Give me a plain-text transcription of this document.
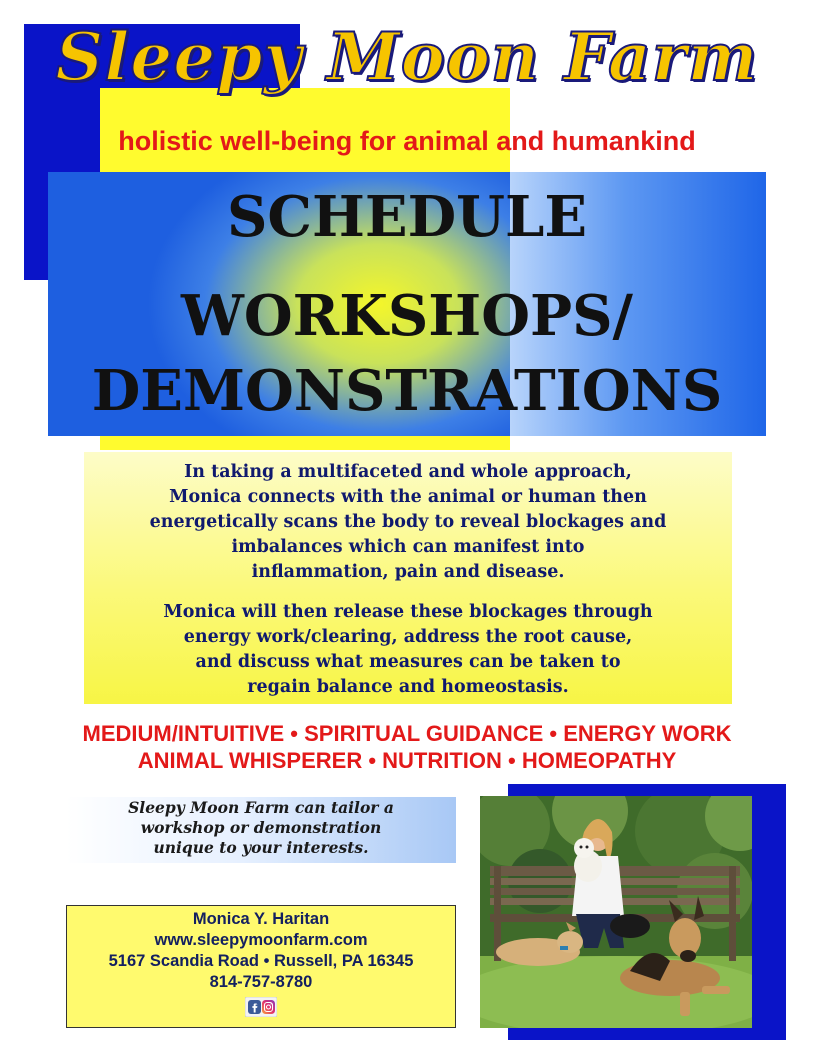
Sleepy Moon Farm
holistic well-being for animal and humankind
SCHEDULE
WORKSHOPS/
DEMONSTRATIONS
In taking a multifaceted and whole approach,
Monica connects with the animal or human then
energetically scans the body to reveal blockages and
imbalances which can manifest into
inflammation, pain and disease.
Monica will then release these blockages through
energy work/clearing, address the root cause,
and discuss what measures can be taken to
regain balance and homeostasis.
MEDIUM/INTUITIVE • SPIRITUAL GUIDANCE • ENERGY WORK
ANIMAL WHISPERER • NUTRITION • HOMEOPATHY
Sleepy Moon Farm can tailor a
workshop or demonstration
unique to your interests.
Monica Y. Haritan
www.sleepymoonfarm.com
5167 Scandia Road • Russell, PA 16345
814-757-8780
